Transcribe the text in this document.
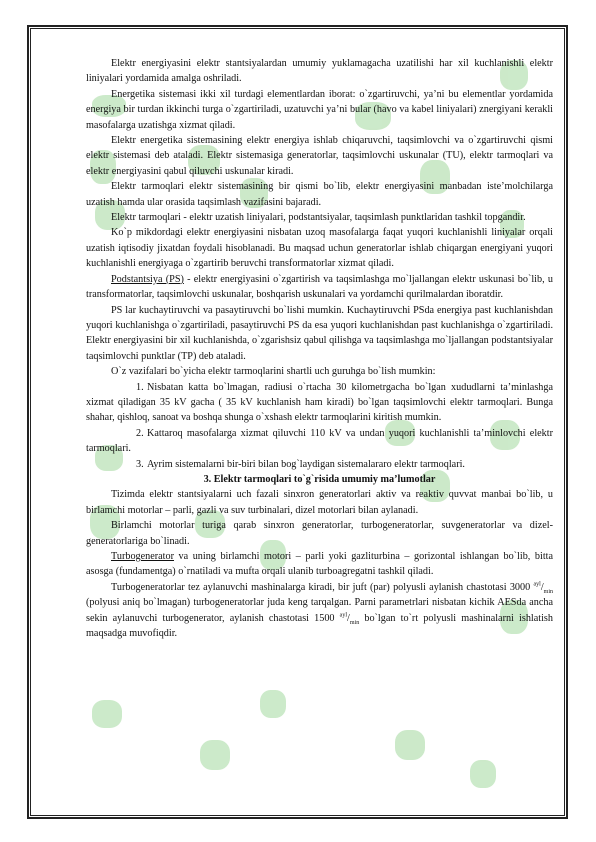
Elektr energiyasini elektr stantsiyalardan umumiy yuklamagacha uzatilishi har xil kuchlanishli elektr liniyalari yordamida amalga oshriladi.

Energetika sistemasi ikki xil turdagi elementlardan iborat: o`zgartiruvchi, ya’ni bu elementlar yordamida energiya bir turdan ikkinchi turga o`zgartiriladi, uzatuvchi ya’ni bular (havo va kabel liniyalari) znergiyani kerakli masofalarga uzatishga xizmat qiladi.

Elektr energetika sistemasining elektr energiya ishlab chiqaruvchi, taqsimlovchi va o`zgartiruvchi qismi elektr sistemasi deb ataladi. Elektr sistemasiga generatorlar, taqsimlovchi uskunalar (TU), elektr tarmoqlari va elektr energiyasini qabul qiluvchi uskunalar kiradi.

Elektr tarmoqlari elektr sistemasining bir qismi bo`lib, elektr energiyasini manbadan iste’molchilarga uzatish hamda ular orasida taqsimlash vazifasini bajaradi.

Elektr tarmoqlari - elektr uzatish liniyalari, podstantsiyalar, taqsimlash punktlaridan tashkil topgandir.

Ko`p mikdordagi elektr energiyasini nisbatan uzoq masofalarga faqat yuqori kuchlanishli liniyalar orqali uzatish iqtisodiy jixatdan foydali hisoblanadi. Bu maqsad uchun generatorlar ishlab chiqargan energiyani yuqori kuchlanishli energiyaga o`zgartirib beruvchi transformatorlar xizmat qiladi.

Podstantsiya (PS) - elektr energiyasini o`zgartirish va taqsimlashga mo`ljallangan elektr uskunasi bo`lib, u transformatorlar, taqsimlovchi uskunalar, boshqarish uskunalari va yordamchi qurilmalardan iboratdir.

PS lar kuchaytiruvchi va pasaytiruvchi bo`lishi mumkin. Kuchaytiruvchi PSda energiya past kuchlanishdan yuqori kuchlanishga o`zgartiriladi, pasaytiruvchi PS da esa yuqori kuchlanishdan past kuchlanishga o`zgartiriladi. Elektr energiyasini bir xil kuchlanishda, o`zgarishsiz qabul qilishga va taqsimlashga mo`ljallangan podstantsiyalar taqsimlovchi punktlar (TP) deb ataladi.

O`z vazifalari bo`yicha elektr tarmoqlarini shartli uch guruhga bo`lish mumkin:

1. Nisbatan katta bo`lmagan, radiusi o`rtacha 30 kilometrgacha bo`lgan xududlarni ta’minlashga xizmat qiladigan 35 kV gacha ( 35 kV kuchlanish ham kiradi) bo`lgan taqsimlovchi elektr tarmoqlari. Bunga shahar, qishloq, sanoat va boshqa shunga o`xshash elektr tarmoqlarini kiritish mumkin.

2. Kattaroq masofalarga xizmat qiluvchi 110 kV va undan yuqori kuchlanishli ta’minlovchi elektr tarmoqlari.

3. Ayrim sistemalarni bir-biri bilan bog`laydigan sistemalararo elektr tarmoqlari.

3. Elektr tarmoqlari to`g`risida umumiy ma’lumotlar

Tizimda elektr stantsiyalarni uch fazali sinxron generatorlari aktiv va reaktiv quvvat manbai bo`lib, u birlamchi motorlar – parli, gazli va suv turbinalari, dizel motorlari bilan aylanadi.

Birlamchi motorlar turiga qarab sinxron generatorlar, turbogeneratorlar, suvgeneratorlar va dizel‑ generatorlariga bo`linadi.

Turbogenerator va uning birlamchi motori – parli yoki gazliturbina – gorizontal ishlangan bo`lib, bitta asosga (fundamentga) o`rnatiladi va mufta orqali ulanib turboagregatni tashkil qiladi.

Turbogeneratorlar tez aylanuvchi mashinalarga kiradi, bir juft (par) polyusli aylanish chastotasi 3000 $^{ayl}/_{min}$ (polyusi aniq bo`lmagan) turbogeneratorlar juda keng tarqalgan. Parni parametrlari nisbatan kichik AESda ancha sekin aylanuvchi turbogenerator, aylanish chastotasi 1500 $^{ayl}/_{min}$ bo`lgan to`rt polyusli mashinalarni ishlatish maqsadga muvofiqdir.
